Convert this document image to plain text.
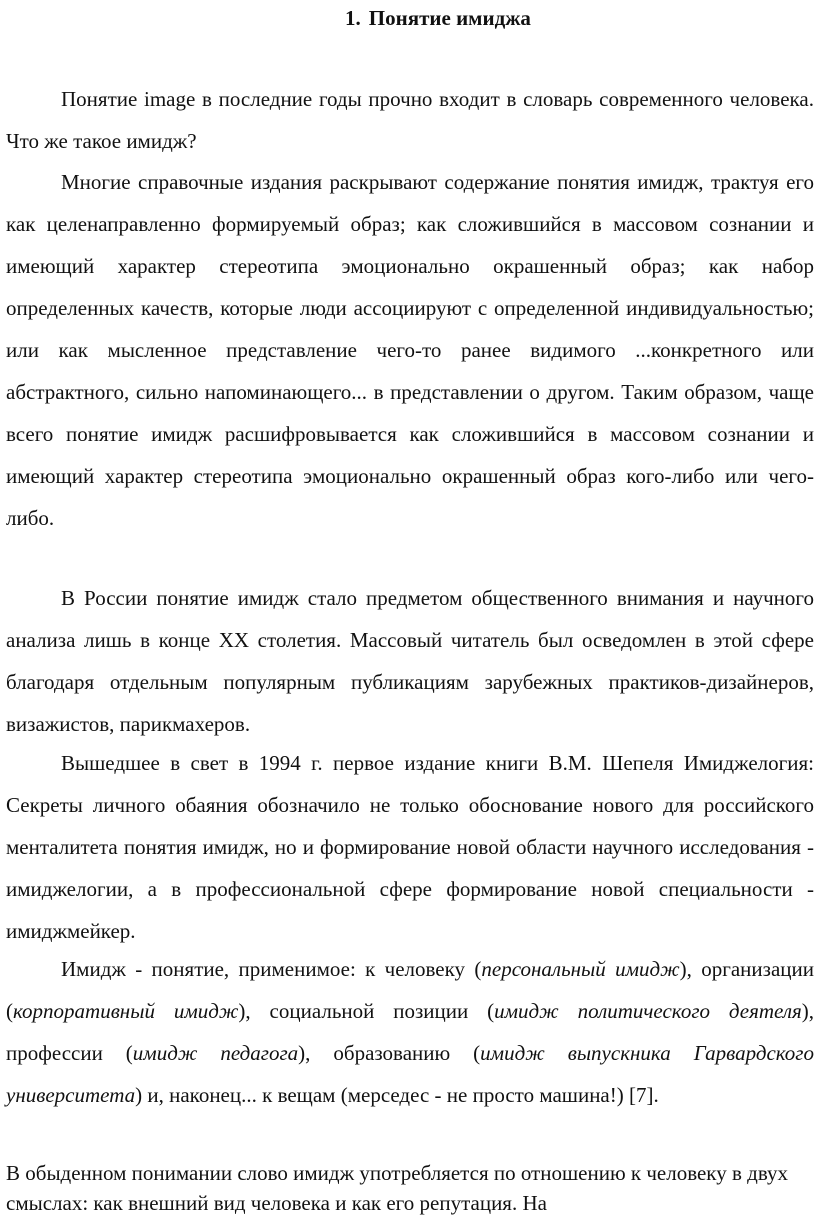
1. Понятие имиджа

Понятие image в последние годы прочно входит в словарь современного человека. Что же такое имидж?

Многие справочные издания раскрывают содержание понятия имидж, трактуя его как целенаправленно формируемый образ; как сложившийся в массовом сознании и имеющий характер стереотипа эмоционально окрашенный образ; как набор определенных качеств, которые люди ассоциируют с определенной индивидуальностью; или как мысленное представление чего-то ранее видимого ...конкретного или абстрактного, сильно напоминающего... в представлении о другом. Таким образом, чаще всего понятие имидж расшифровывается как сложившийся в массовом сознании и имеющий характер стереотипа эмоционально окрашенный образ кого-либо или чего-либо.

В России понятие имидж стало предметом общественного внимания и научного анализа лишь в конце XX столетия. Массовый читатель был осведомлен в этой сфере благодаря отдельным популярным публикациям зарубежных практиков-дизайнеров, визажистов, парикмахеров.

Вышедшее в свет в 1994 г. первое издание книги В.М. Шепеля Имиджелогия: Секреты личного обаяния обозначило не только обоснование нового для российского менталитета понятия имидж, но и формирование новой области научного исследования - имиджелогии, а в профессиональной сфере формирование новой специальности - имиджмейкер.

Имидж - понятие, применимое: к человеку (персональный имидж), организации (корпоративный имидж), социальной позиции (имидж политического деятеля), профессии (имидж педагога), образованию (имидж выпускника Гарвардского университета) и, наконец... к вещам (мерседес - не просто машина!) [7].

В обыденном понимании слово имидж употребляется по отношению к человеку в двух смыслах: как внешний вид человека и как его репутация. На
